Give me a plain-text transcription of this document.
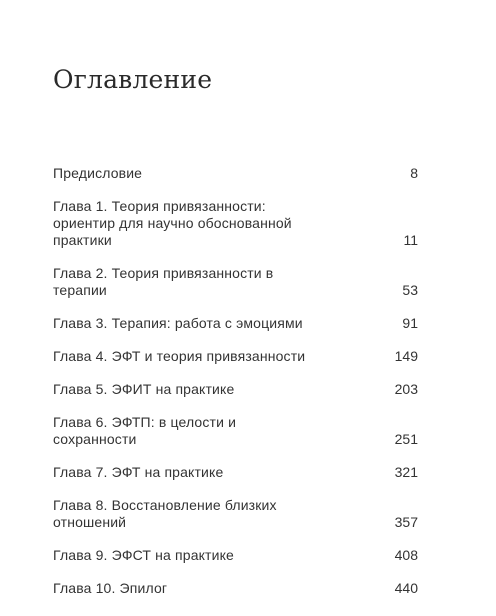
Оглавление
Предисловие	8
Глава 1. Теория привязанности: ориентир для научно обоснованной практики	11
Глава 2. Теория привязанности в терапии	53
Глава 3. Терапия: работа с эмоциями	91
Глава 4. ЭФТ и теория привязанности	149
Глава 5. ЭФИТ на практике	203
Глава 6. ЭФТП: в целости и сохранности	251
Глава 7. ЭФТ на практике	321
Глава 8. Восстановление близких отношений	357
Глава 9. ЭФСТ на практике	408
Глава 10. Эпилог	440
